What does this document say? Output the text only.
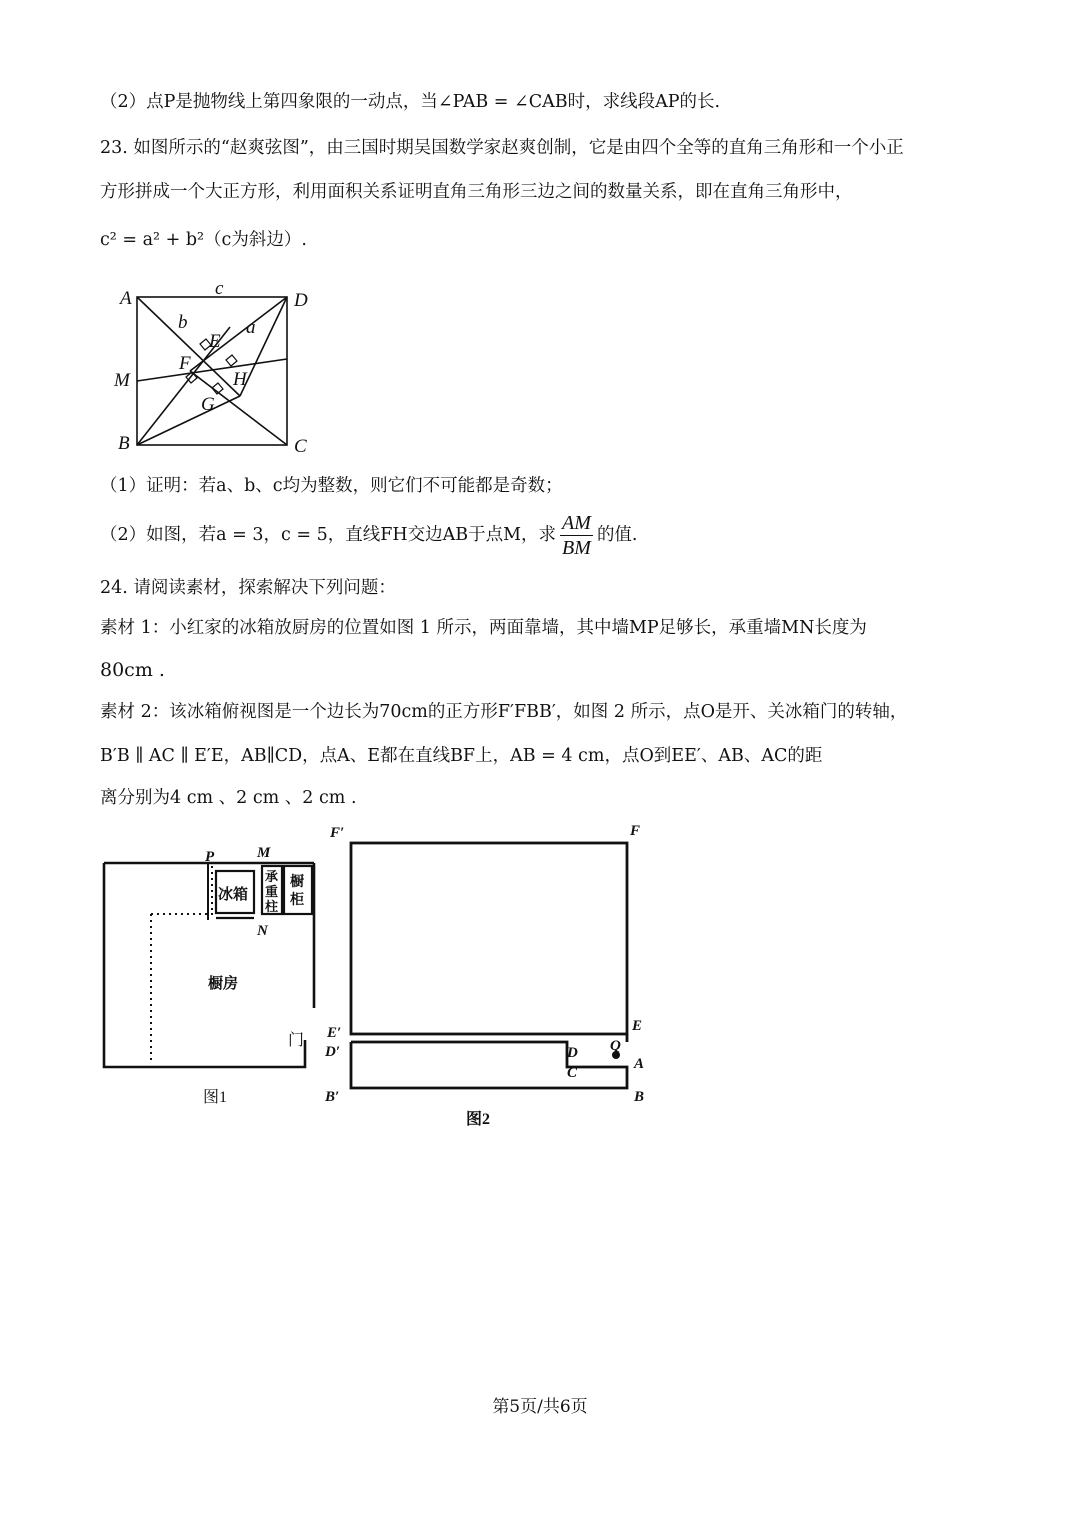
（2）点P是抛物线上第四象限的一动点，当∠PAB = ∠CAB时，求线段AP的长.
23. 如图所示的“赵爽弦图”，由三国时期吴国数学家赵爽创制，它是由四个全等的直角三角形和一个小正
方形拼成一个大正方形，利用面积关系证明直角三角形三边之间的数量关系，即在直角三角形中，
c² = a² + b²（c为斜边）.
A	D
B	C
M
E
F
G
H
a
b
c
（1）证明：若a、b、c均为整数，则它们不可能都是奇数；
（2）如图，若a = 3，c = 5，直线FH交边AB于点M，求 $\frac{AM}{BM}$ 的值.
24. 请阅读素材，探索解决下列问题：
素材 1：小红家的冰箱放厨房的位置如图 1 所示，两面靠墙，其中墙MP足够长，承重墙MN长度为
80cm .
素材 2：该冰箱俯视图是一个边长为70cm的正方形F′FBB′，如图 2 所示，点O是开、关冰箱门的转轴，
B′B ∥ AC ∥ E′E，AB∥CD，点A、E都在直线BF上，AB = 4 cm，点O到EE′、AB、AC的距
离分别为4 cm 、2 cm 、2 cm .
P	M
N
冰箱
承
重
柱
橱
柜
橱房
门
图1
F′	F
E′	E
D′	D
C
Q
A
B′	B
图2
第5页/共6页
